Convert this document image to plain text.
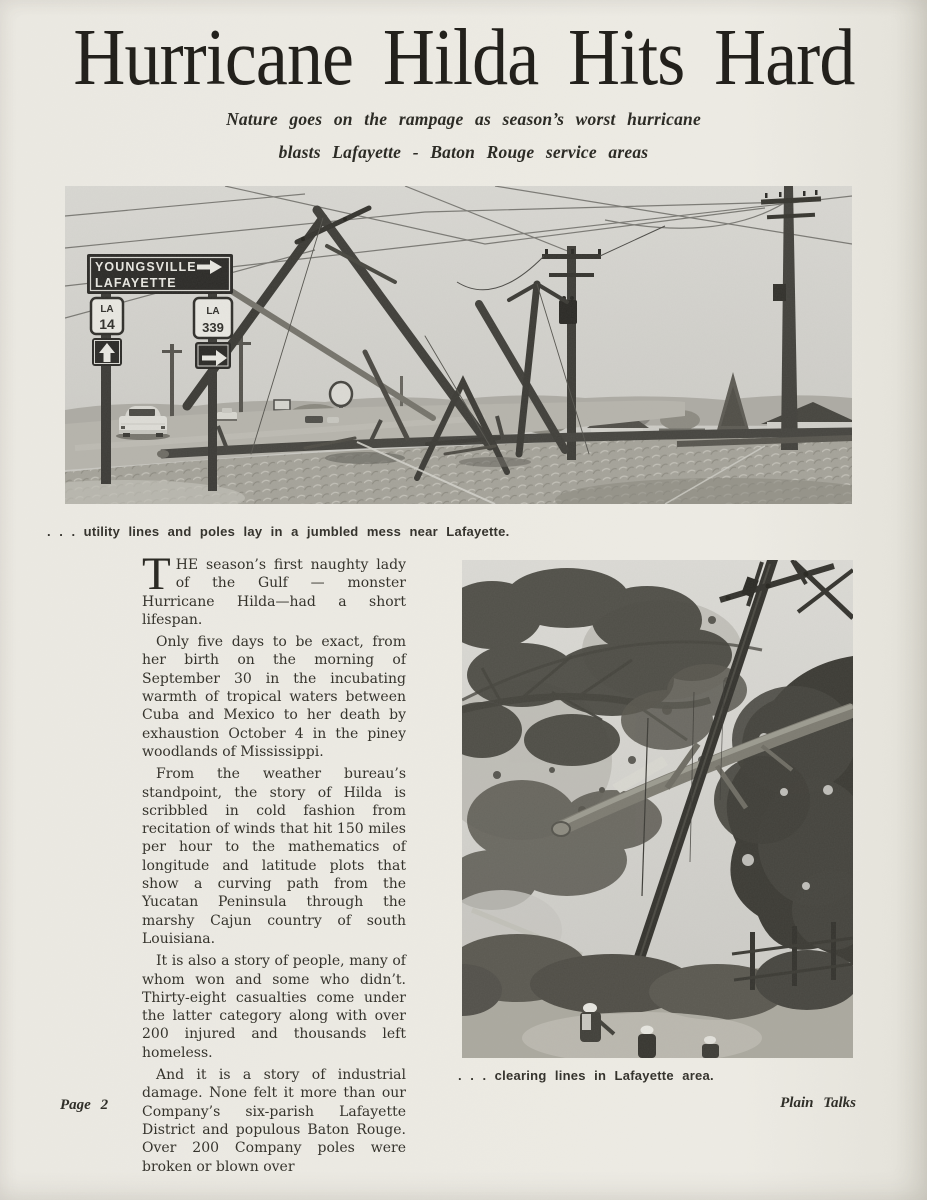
Hurricane Hilda Hits Hard
Nature goes on the rampage as season’s worst hurricane
blasts Lafayette - Baton Rouge service areas
YOUNGSVILLE
LAFAYETTE
LA
14
LA
339
. . . utility lines and poles lay in a jumbled mess near Lafayette.

THE season’s first naughty lady of the Gulf — monster Hurricane Hilda—had a short lifespan.

Only five days to be exact, from her birth on the morning of September 30 in the incubating warmth of tropical waters between Cuba and Mexico to her death by exhaustion October 4 in the piney woodlands of Mississippi.

From the weather bureau’s standpoint, the story of Hilda is scribbled in cold fashion from recitation of winds that hit 150 miles per hour to the mathematics of longitude and latitude plots that show a curving path from the Yucatan Peninsula through the marshy Cajun country of south Louisiana.

It is also a story of people, many of whom won and some who didn’t. Thirty-eight casualties come under the latter category along with over 200 injured and thousands left homeless.

And it is a story of industrial damage. None felt it more than our Company’s six-parish Lafayette District and populous Baton Rouge. Over 200 Company poles were broken or blown over

. . . clearing lines in Lafayette area.
Page 2	Plain Talks
